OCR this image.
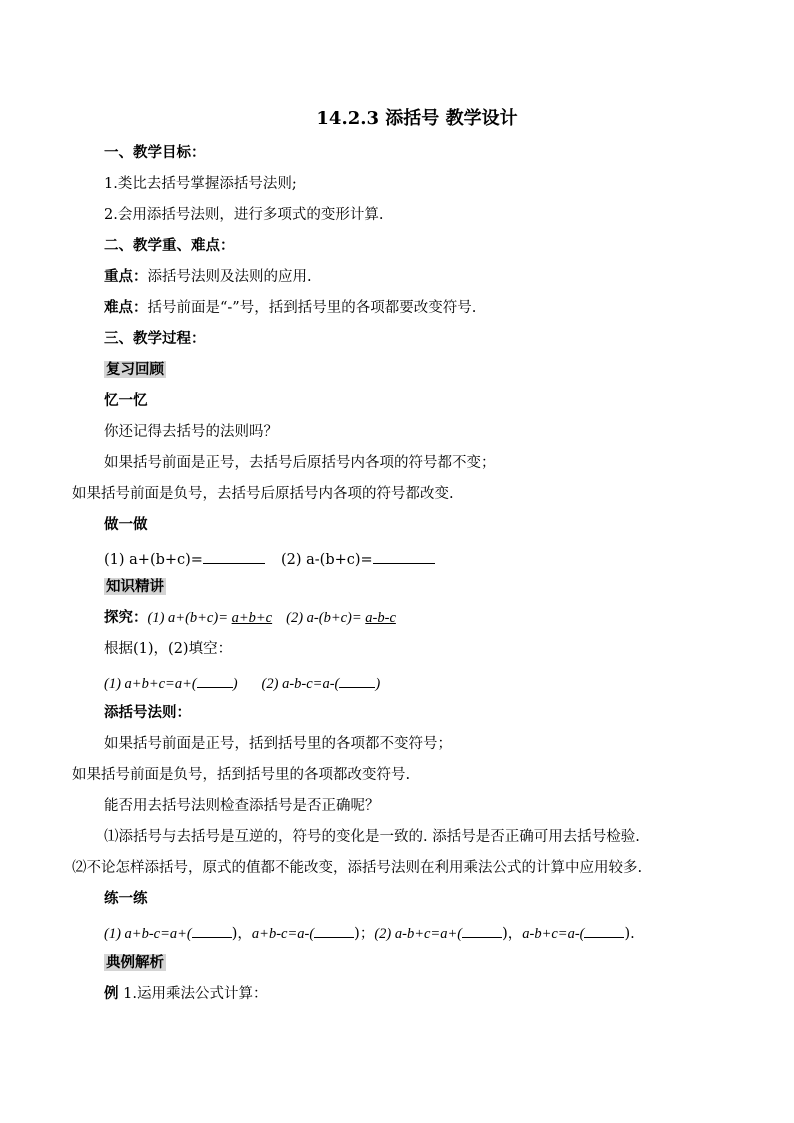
14.2.3 添括号 教学设计
一、教学目标：
1.类比去括号掌握添括号法则;
2.会用添括号法则，进行多项式的变形计算.
二、教学重、难点：
重点：添括号法则及法则的应用.
难点：括号前面是“-”号，括到括号里的各项都要改变符号.
三、教学过程：
复习回顾
忆一忆
你还记得去括号的法则吗？
如果括号前面是正号，去括号后原括号内各项的符号都不变；
如果括号前面是负号，去括号后原括号内各项的符号都改变.
做一做
(1) a+(b+c)=	(2) a-(b+c)=
知识精讲
探究：(1) a+(b+c)= a+b+c (2) a-(b+c)= a-b-c
根据(1)，(2)填空：
(1) a+b+c=a+( ) (2) a-b-c=a-( )
添括号法则：
如果括号前面是正号，括到括号里的各项都不变符号；
如果括号前面是负号，括到括号里的各项都改变符号.
能否用去括号法则检查添括号是否正确呢？
⑴添括号与去括号是互逆的，符号的变化是一致的. 添括号是否正确可用去括号检验.
⑵不论怎样添括号，原式的值都不能改变，添括号法则在利用乘法公式的计算中应用较多.
练一练
(1) a+b-c=a+(	)，a+b-c=a-(	)；(2) a-b+c=a+(	)，a-b+c=a-(	).
典例解析
例 1.运用乘法公式计算：
